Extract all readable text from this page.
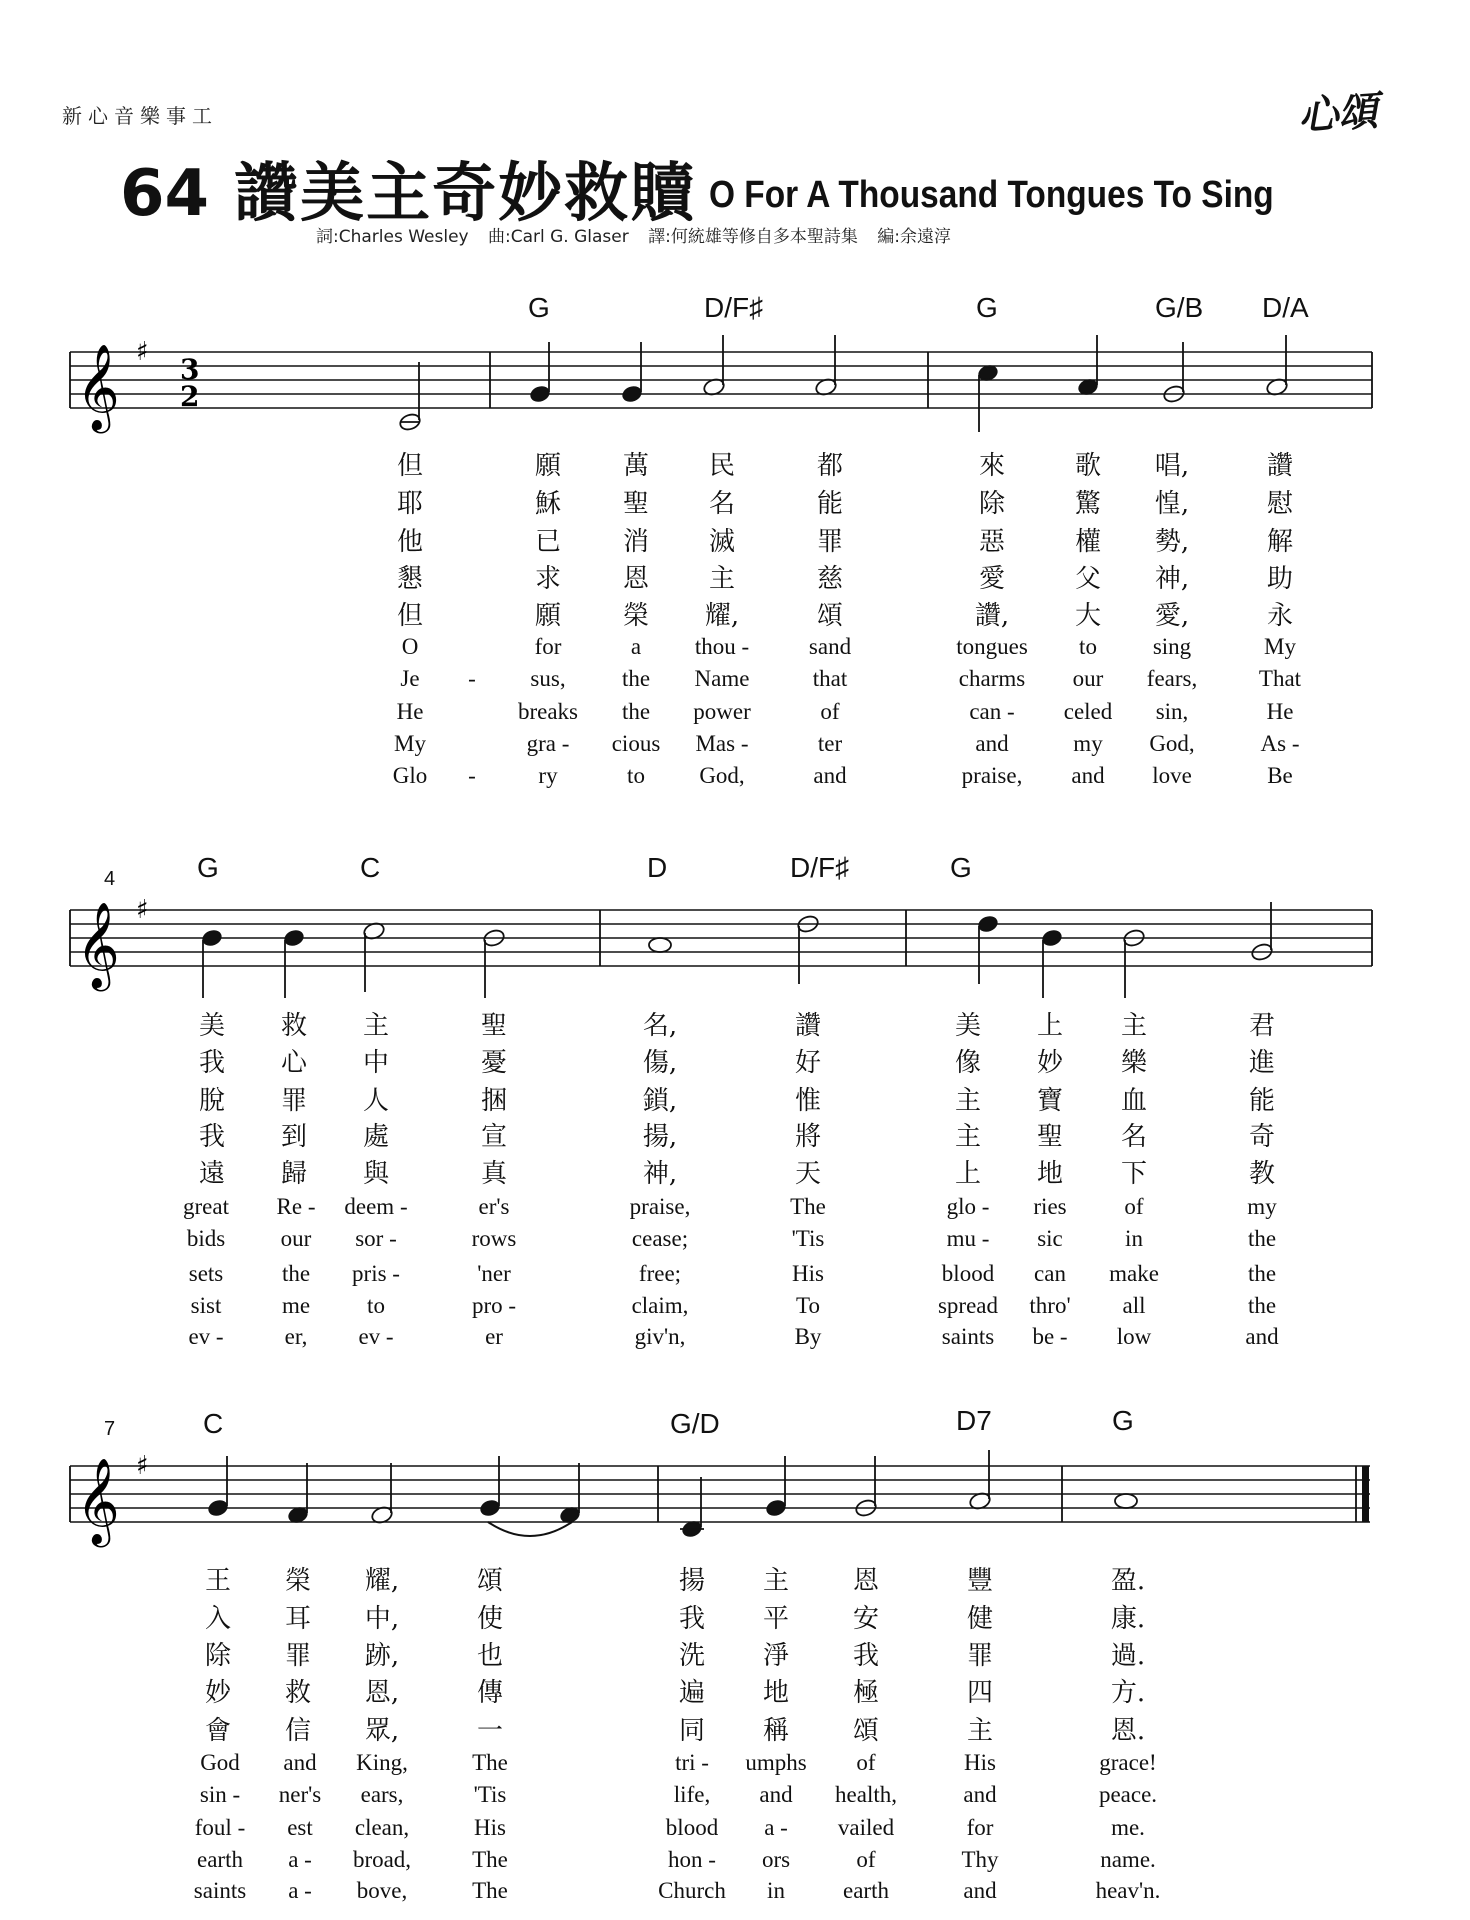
新心音樂事工	心頌
64 讚美主奇妙救贖 O For A Thousand Tongues To Sing
詞:Charles Wesley 曲:Carl G. Glaser 譯:何統雄等修自多本聖詩集 編:余遠淳
G	D/F♯	G	G/B D/A
𝄞 ♯
3
2
但	願 萬 民	都	來	歌 唱,	讚
耶	穌 聖 名	能	除	驚 惶,	慰
他	已 消 滅	罪	惡	權 勢,	解
懇	求 恩 主	慈	愛	父 神,	助
但	願 榮 耀,	頌	讚,	大 愛,	永
O	for	a thou -	sand	tongues to sing	My
Je - sus, the Name	that	charms our fears,	That
He	breaks the power	of	can - celed sin,	He
My	gra - cious Mas -	ter	and	my God,	As -
Glo -	ry	to God,	and	praise, and love	Be
4	G	C	D	D/F♯	G
𝄞 ♯
美 救 主	聖	名,	讚	美 上 主	君
我 心 中	憂	傷,	好	像 妙 樂	進
脫 罪 人	捆	鎖,	惟	主 寶 血	能
我 到 處	宣	揚,	將	主 聖 名	奇
遠 歸 與	真	神,	天	上 地 下	教
great Re - deem -	er's	praise,	The	glo - ries	of	my
bids our sor -	rows	cease;	'Tis	mu - sic	in	the
sets	the pris -	'ner	free;	His	blood can make	the
sist	me to	pro -	claim,	To	spread thro' all	the
ev -	er, ev -	er	giv'n,	By	saints be - low	and
7	C	G/D	D7	G
𝄞 ♯
王 榮 耀,	頌	揚 主 恩	豐	盈.
入 耳 中,	使	我 平 安	健	康.
除 罪 跡,	也	洗 淨 我	罪	過.
妙 救 恩,	傳	遍 地 極	四	方.
會 信 眾,	一	同 稱 頌	主	恩.
God and King,	The	tri - umphs of	His	grace!
sin - ner's ears,	'Tis	life, and health,	and	peace.
foul - est clean,	His	blood a - vailed	for	me.
earth a - broad,	The	hon - ors	of	Thy	name.
saints a - bove,	The	Church in	earth	and	heav'n.
